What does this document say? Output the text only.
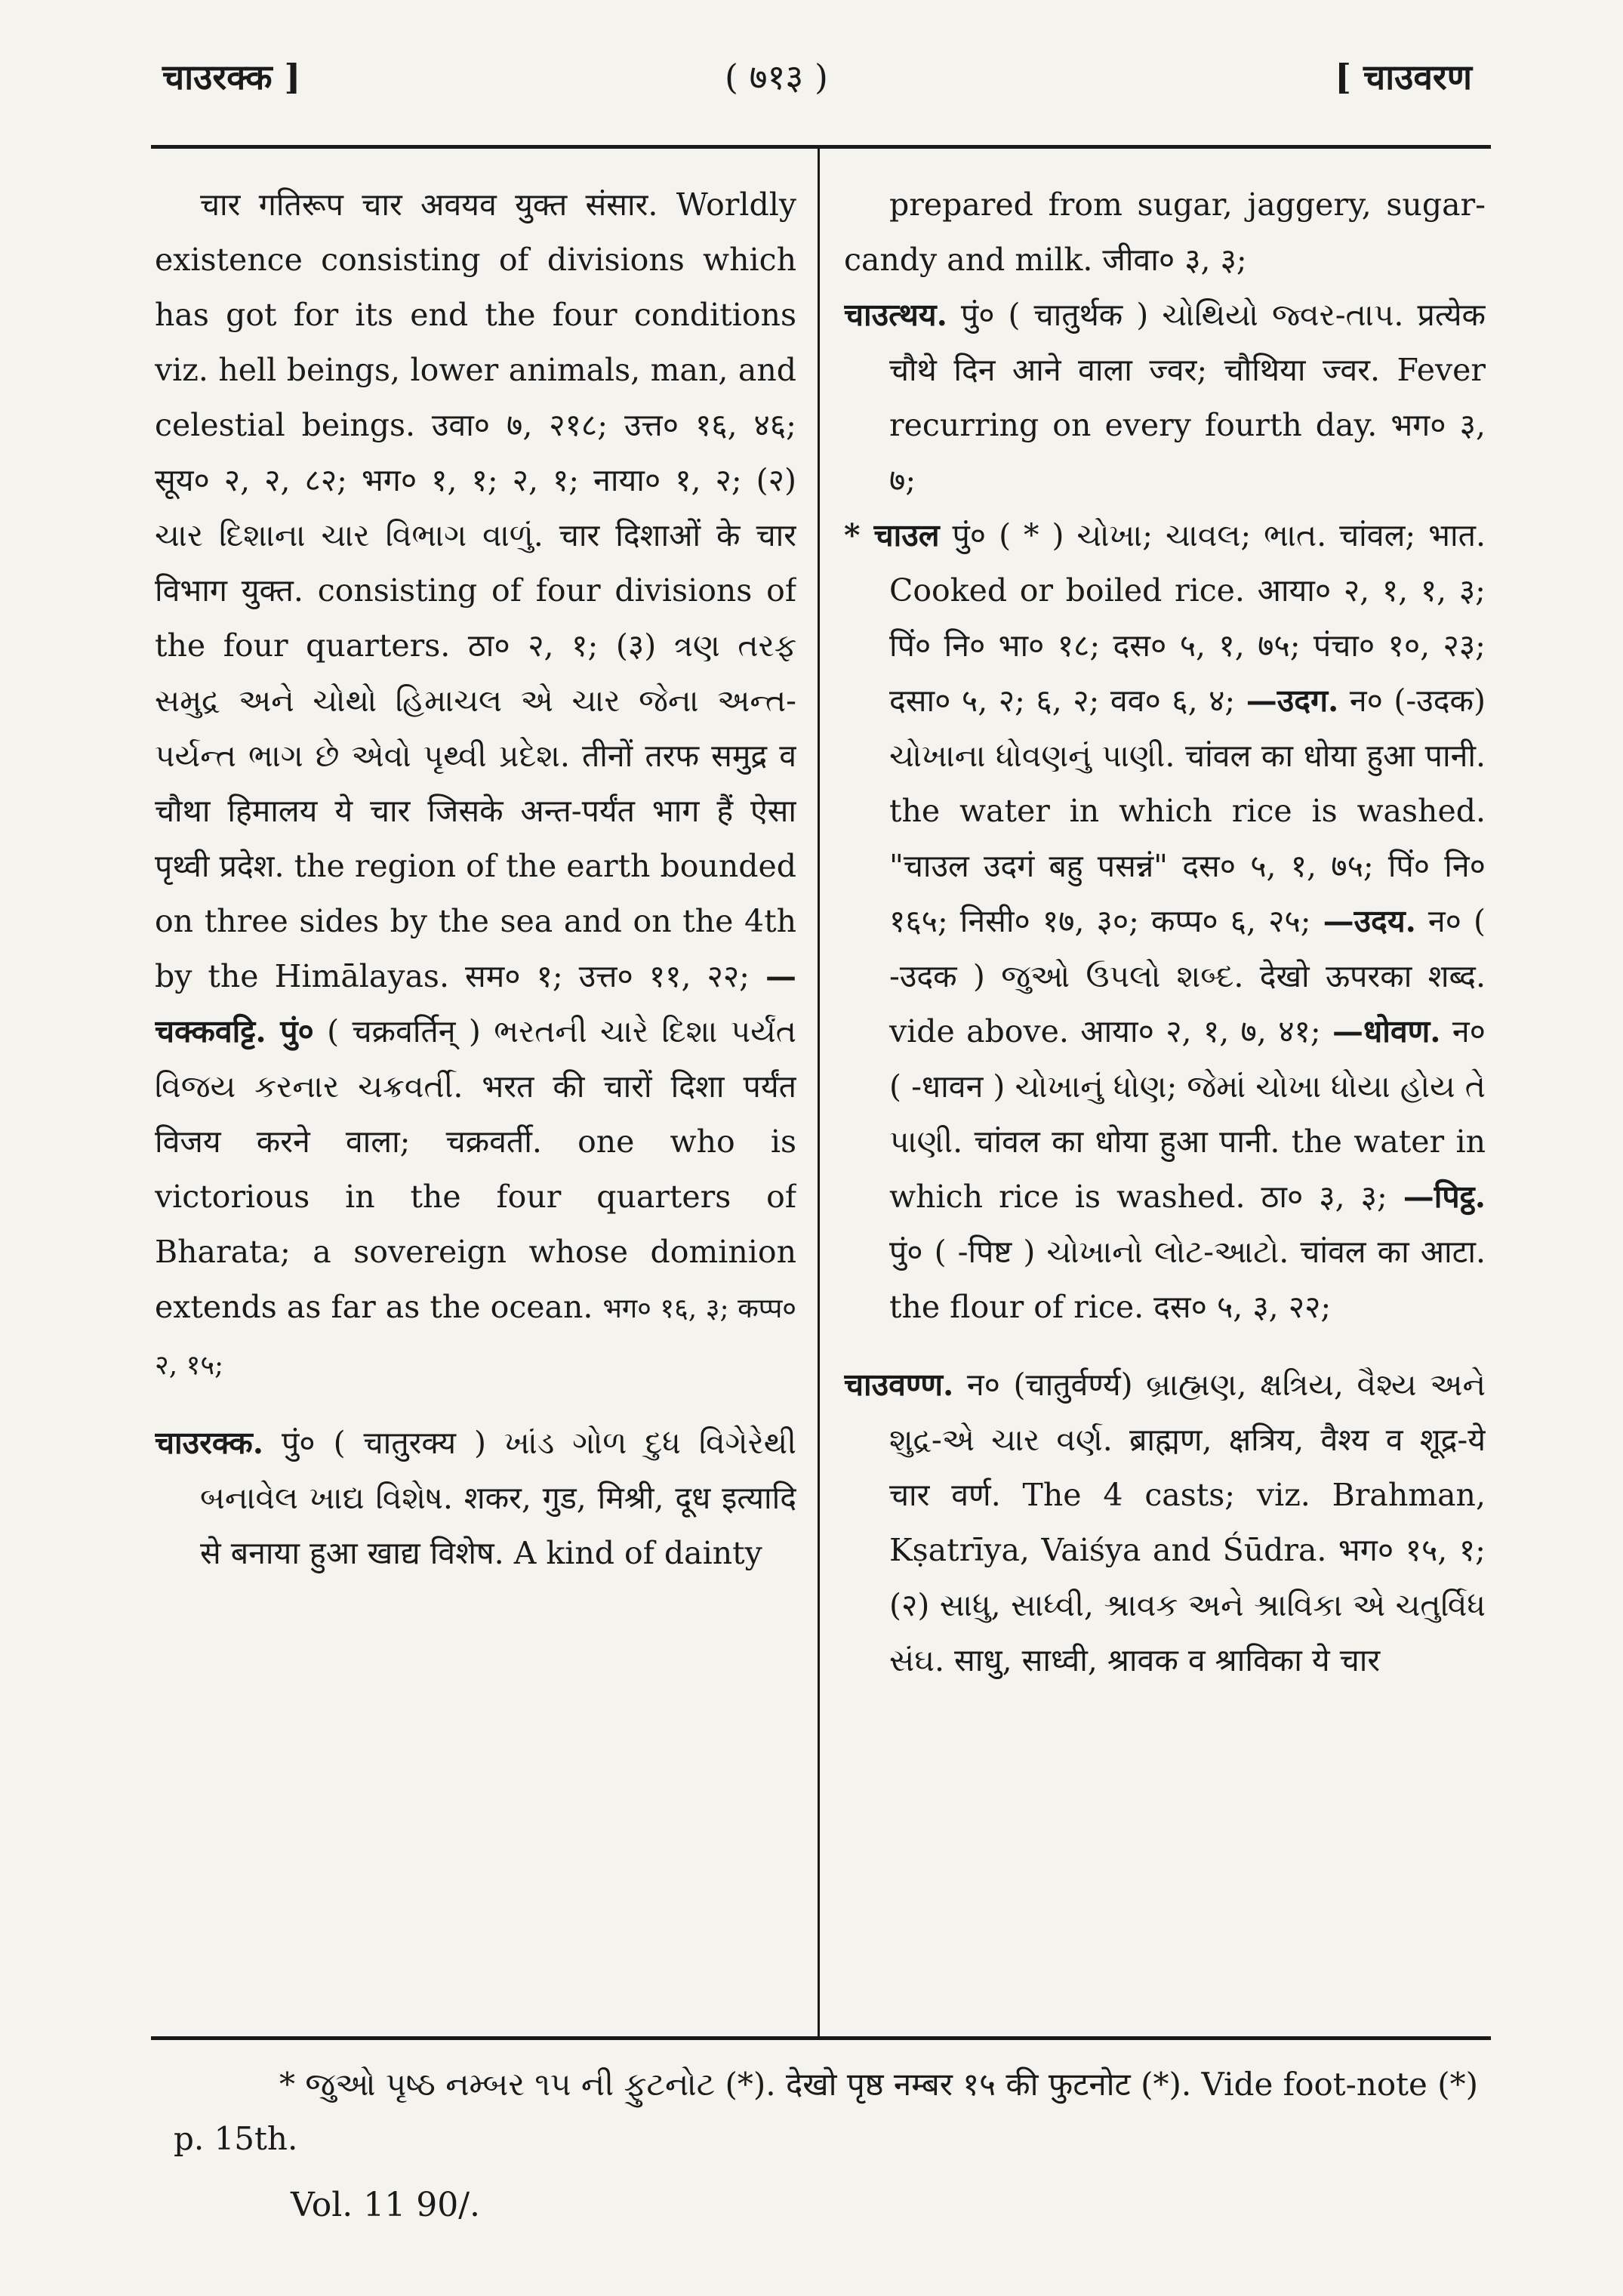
चाउरक्क ]	( ७१३ )	[ चाउवरण

चार गतिरूप चार अवयव युक्त संसार. Worldly existence consisting of divisions which has got for its end the four conditions viz. hell beings, lower animals, man, and celestial beings. उवा० ७, २१८; उत्त० १६, ४६; सूय० २, २, ८२; भग० १, १; २, १; नाया० १, २; (२) ચાર દિશાના ચાર વિભાગ વાળું. चार दिशाओं के चार विभाग युक्त. consisting of four divisions of the four quarters. ठा० २, १; (३) ત્રણ તરફ સમુદ્ર અને ચોથો હિમાચલ એ ચાર જેના અન્ત-પર્યન્ત ભાગ છે એવો પૃથ્વી પ્રદેશ. तीनों तरफ समुद्र व चौथा हिमालय ये चार जिसके अन्त-पर्यंत भाग हैं ऐसा पृथ्वी प्रदेश. the region of the earth bounded on three sides by the sea and on the 4th by the Himālayas. सम० १; उत्त० ११, २२; —चक्कवट्टि. पुं० ( चक्रवर्तिन् ) ભરતની ચારે દિશા પર્યંત વિજય કરનાર ચક્રવર્તી. भरत की चारों दिशा पर्यंत विजय करने वाला; चक्रवर्ती. one who is victorious in the four quarters of Bharata; a sovereign whose dominion extends as far as the ocean. भग० १६, ३; कप्प० २, १५;

चाउरक्क. पुं० ( चातुरक्य ) ખાંડ ગોળ દુધ વિગેરેથી બનાવેલ ખાદ્ય વિશેષ. शकर, गुड, मिश्री, दूध इत्यादि से बनाया हुआ खाद्य विशेष. A kind of dainty

prepared from sugar, jaggery, sugar-candy and milk. जीवा० ३, ३;

चाउत्थय. पुं० ( चातुर्थक ) ચોથિયો જ્વર-તાપ. प्रत्येक चौथे दिन आने वाला ज्वर; चौथिया ज्वर. Fever recurring on every fourth day. भग० ३, ७;

* चाउल पुं० ( * ) ચોખા; ચાવલ; ભાત. चांवल; भात. Cooked or boiled rice. आया० २, १, १, ३; पिं० नि० भा० १८; दस० ५, १, ७५; पंचा० १०, २३; दसा० ५, २; ६, २; वव० ६, ४; —उदग. न० (-उदक) ચોખાના ધોવણનું પાણી. चांवल का धोया हुआ पानी. the water in which rice is washed. "चाउल उदगं बहु पसन्नं" दस० ५, १, ७५; पिं० नि० १६५; निसी० १७, ३०; कप्प० ६, २५; —उदय. न० ( -उदक ) જુઓ ઉપલો શબ્દ. देखो ऊपरका शब्द. vide above. आया० २, १, ७, ४१; —धोवण. न० ( -धावन ) ચોખાનું ધોણ; જેમાં ચોખા ધોયા હોય તે પાણી. चांवल का धोया हुआ पानी. the water in which rice is washed. ठा० ३, ३; —पिट्ठ. पुं० ( -पिष्ट ) ચોખાનો લોટ-આટો. चांवल का आटा. the flour of rice. दस० ५, ३, २२;

चाउवण्ण. न० (चातुर्वर्ण्य) બ્રાહ્મણ, ક્ષત્રિય, વૈશ્ય અને શુદ્ર-એ ચાર વર્ણ. ब्राह्मण, क्षत्रिय, वैश्य व शूद्र-ये चार वर्ण. The 4 casts; viz. Brahman, Kṣatrīya, Vaiśya and Śūdra. भग० १५, १; (२) સાધુ, સાધ્વી, શ્રાવક અને શ્રાવિકા એ ચતુર્વિધ સંઘ. साधु, साध्वी, श्रावक व श्राविका ये चार

* જુઓ પૃષ્ઠ નમ્બર ૧૫ ની ફુટનોટ (*). देखो पृष्ठ नम्बर १५ की फुटनोट (*). Vide foot-note (*) p. 15th.

Vol. 11 90/.
